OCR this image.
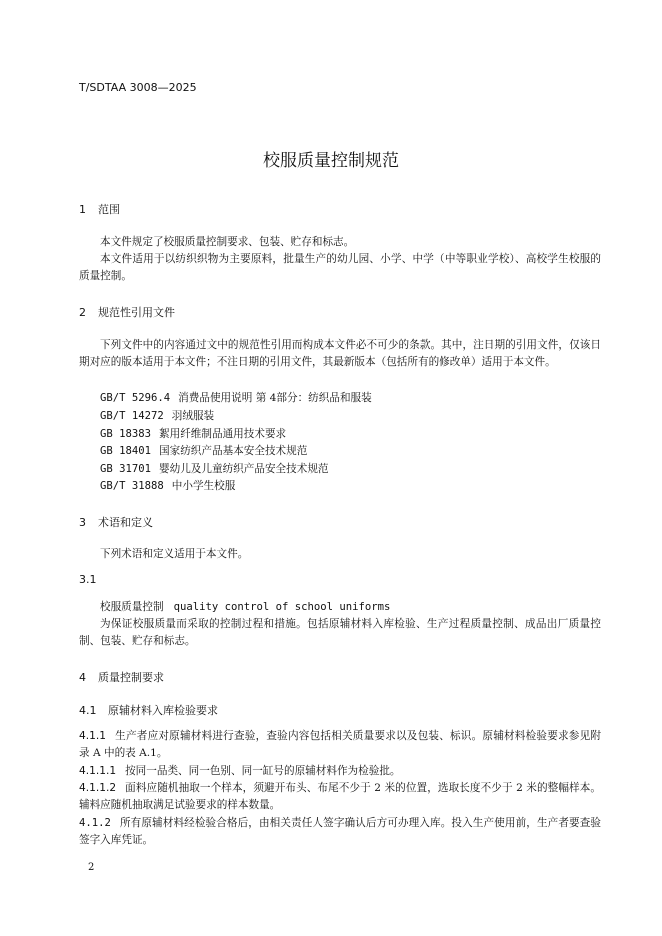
T/SDTAA 3008—2025
校服质量控制规范
1 范围

本文件规定了校服质量控制要求、包装、贮存和标志。

本文件适用于以纺织织物为主要原料，批量生产的幼儿园、小学、中学（中等职业学校）、高校学生校服的质量控制。

2 规范性引用文件

下列文件中的内容通过文中的规范性引用而构成本文件必不可少的条款。其中，注日期的引用文件，仅该日期对应的版本适用于本文件；不注日期的引用文件，其最新版本（包括所有的修改单）适用于本文件。

GB/T 5296.4 消费品使用说明 第 4部分：纺织品和服装
GB/T 14272 羽绒服装
GB 18383 絮用纤维制品通用技术要求
GB 18401 国家纺织产品基本安全技术规范
GB 31701 婴幼儿及儿童纺织产品安全技术规范
GB/T 31888 中小学生校服
3 术语和定义

下列术语和定义适用于本文件。

3.1
校服质量控制 quality control of school uniforms

为保证校服质量而采取的控制过程和措施。包括原辅材料入库检验、生产过程质量控制、成品出厂质量控制、包装、贮存和标志。

4 质量控制要求
4.1 原辅材料入库检验要求

4.1.1 生产者应对原辅材料进行查验，查验内容包括相关质量要求以及包装、标识。原辅材料检验要求参见附录 A 中的表 A.1。

4.1.1.1 按同一品类、同一色别、同一缸号的原辅材料作为检验批。

4.1.1.2 面料应随机抽取一个样本，须避开布头、布尾不少于 2 米的位置，选取长度不少于 2 米的整幅样本。辅料应随机抽取满足试验要求的样本数量。

4.1.2 所有原辅材料经检验合格后，由相关责任人签字确认后方可办理入库。投入生产使用前，生产者要查验签字入库凭证。

2
